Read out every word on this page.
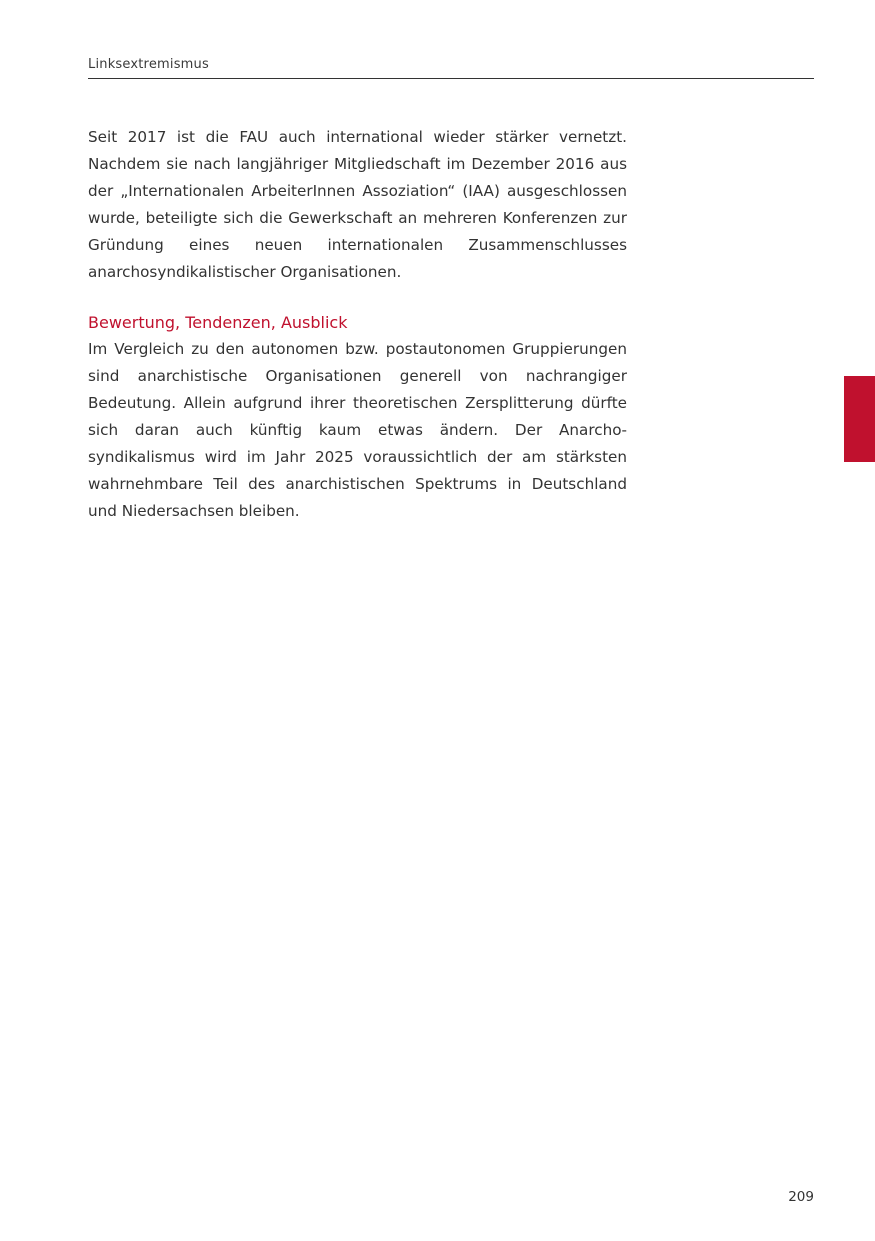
Linksextremismus

Seit 2017 ist die FAU auch international wieder stärker vernetzt. Nachdem sie nach langjähriger Mitgliedschaft im Dezember 2016 aus der „Internationalen ArbeiterInnen Assoziation“ (IAA) ausgeschlossen wurde, beteiligte sich die Gewerkschaft an mehreren Konferenzen zur Gründung eines neuen internationalen Zusammenschlusses anarchosyndikalistischer Organisationen.

Bewertung, Tendenzen, Ausblick

Im Vergleich zu den autonomen bzw. postautonomen Gruppierungen sind anarchistische Organisationen generell von nachrangiger Bedeutung. Allein aufgrund ihrer theoretischen Zersplitterung dürfte sich daran auch künftig kaum etwas ändern. Der Anarchosyndikalismus wird im Jahr 2025 voraussichtlich der am stärksten wahrnehmbare Teil des anarchistischen Spektrums in Deutschland und Niedersachsen bleiben.

209
